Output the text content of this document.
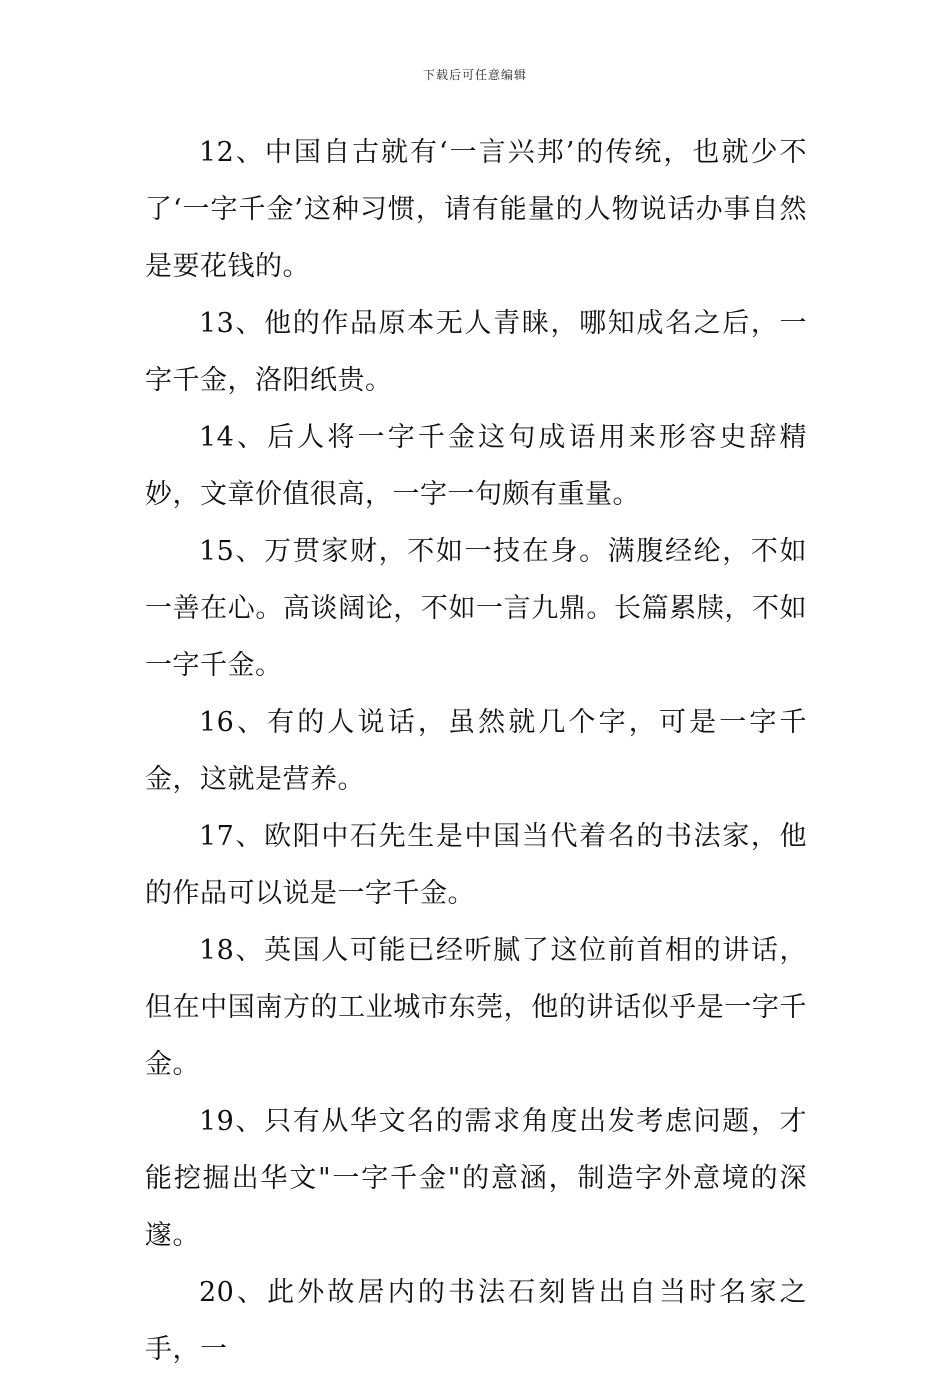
下载后可任意编辑

12、中国自古就有‘一言兴邦’的传统，也就少不了‘一字千金’这种习惯，请有能量的人物说话办事自然是要花钱的。

13、他的作品原本无人青睐，哪知成名之后，一字千金，洛阳纸贵。

14、后人将一字千金这句成语用来形容史辞精妙，文章价值很高，一字一句颇有重量。

15、万贯家财，不如一技在身。满腹经纶，不如一善在心。高谈阔论，不如一言九鼎。长篇累牍，不如一字千金。

16、有的人说话，虽然就几个字，可是一字千金，这就是营养。

17、欧阳中石先生是中国当代着名的书法家，他的作品可以说是一字千金。

18、英国人可能已经听腻了这位前首相的讲话，但在中国南方的工业城市东莞，他的讲话似乎是一字千金。

19、只有从华文名的需求角度出发考虑问题，才能挖掘出华文"一字千金"的意涵，制造字外意境的深邃。

20、此外故居内的书法石刻皆出自当时名家之手，一
